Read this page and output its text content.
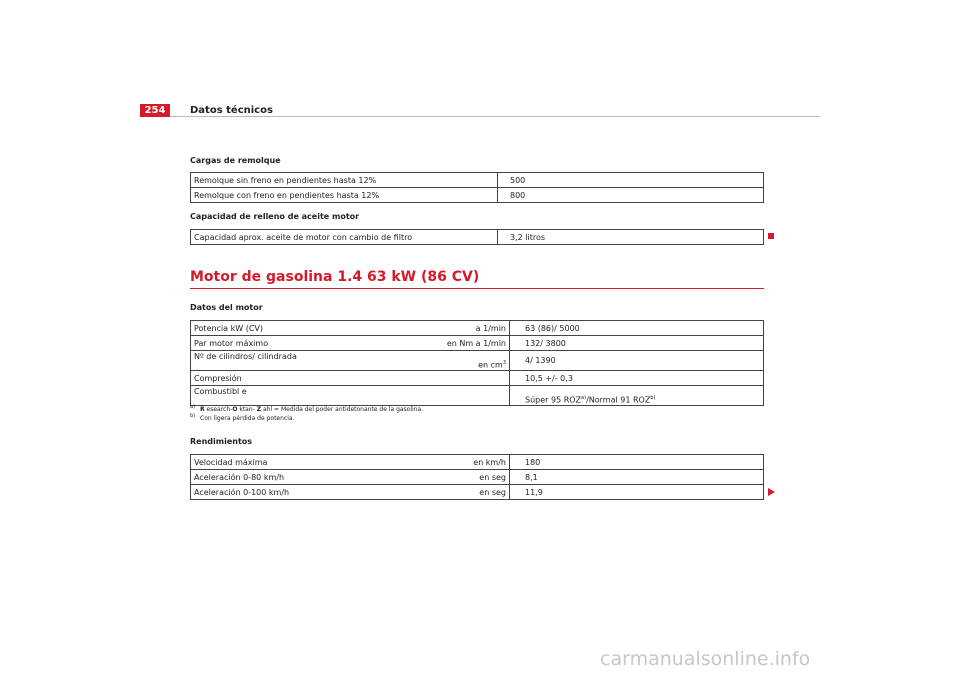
254	Datos técnicos
Cargas de remolque
Remolque sin freno en pendientes hasta 12%	500
Remolque con freno en pendientes hasta 12%	800
Capacidad de relleno de aceite motor
Capacidad aprox. aceite de motor con cambio de filtro	3,2 litros
Motor de gasolina 1.4 63 kW (86 CV)
Datos del motor
Potencia kW (CV)	a 1/min	63 (86)/ 5000
Par motor máximo	en Nm a 1/min	132/ 3800
Nº de cilindros/ cilindrada	en $cm^3$	4/ 1390
Compresión		10,5 +/- 0,3
Combustibl e		Súper 95 ROZ$^{a)}$/Normal 91 ROZ$^{b)}$
a) R esearch-O ktan- Z ahl = Medida del poder antidetonante de la gasolina.
b) Con ligera pérdida de potencia.
Rendimientos
Velocidad máxima	en km/h	180
Aceleración 0-80 km/h	en seg	8,1
Aceleración 0-100 km/h	en seg	11,9
carmanualsonline.info
